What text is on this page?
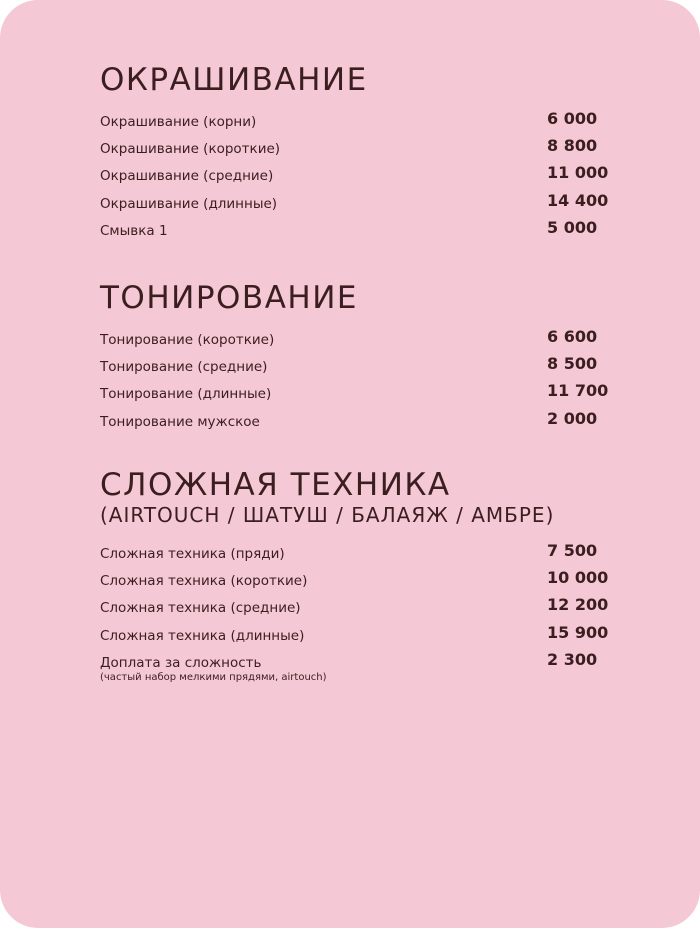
ОКРАШИВАНИЕ
Окрашивание (корни)	6 000
Окрашивание (короткие)	8 800
Окрашивание (средние)	11 000
Окрашивание (длинные)	14 400
Смывка 1	5 000
ТОНИРОВАНИЕ
Тонирование (короткие)	6 600
Тонирование (средние)	8 500
Тонирование (длинные)	11 700
Тонирование мужское	2 000
СЛОЖНАЯ ТЕХНИКА
(AIRTOUCH / ШАТУШ / БАЛАЯЖ / АМБРЕ)
Сложная техника (пряди)	7 500
Сложная техника (короткие)	10 000
Сложная техника (средние)	12 200
Сложная техника (длинные)	15 900
Доплата за сложность	2 300
(частый набор мелкими прядями, airtouch)
